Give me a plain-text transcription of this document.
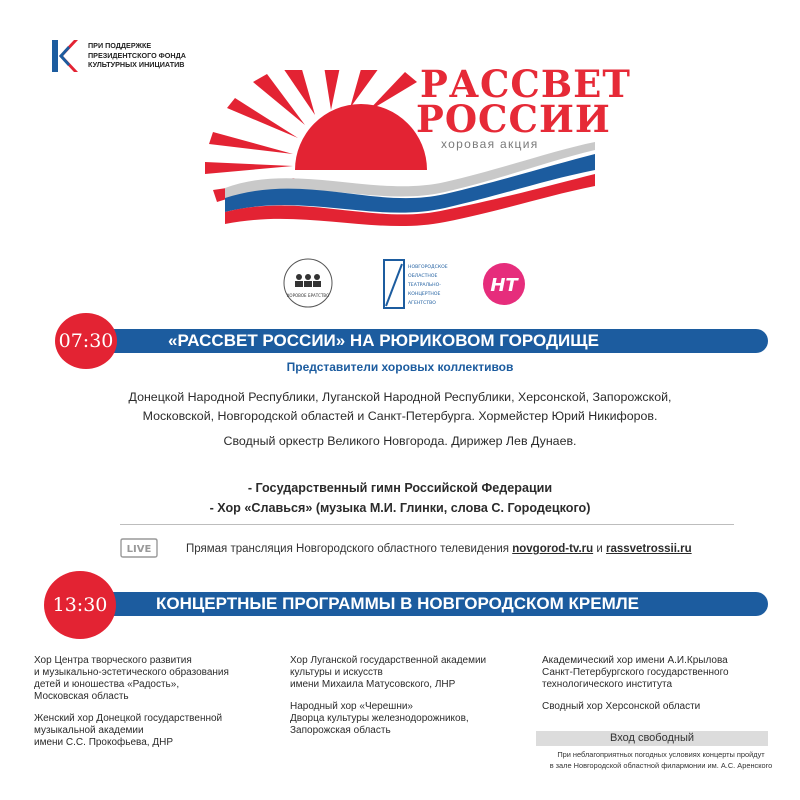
ПРИ ПОДДЕРЖКЕ
ПРЕЗИДЕНТСКОГО ФОНДА
КУЛЬТУРНЫХ ИНИЦИАТИВ	РАССВЕТ
РОССИИ
хоровая акция
ХОРОВОЕ БРАТСТВО
НОВГОРОДСКОЕ
ОБЛАСТНОЕ
ТЕАТРАЛЬНО-
КОНЦЕРТНОЕ
АГЕНТСТВО
НТ
«РАССВЕТ РОССИИ» НА РЮРИКОВОМ ГОРОДИЩЕ
07:30
Представители хоровых коллективов
Донецкой Народной Республики, Луганской Народной Республики, Херсонской, Запорожской,
Московской, Новгородской областей и Санкт-Петербурга. Хормейстер Юрий Никифоров.
Сводный оркестр Великого Новгорода. Дирижер Лев Дунаев.
- Государственный гимн Российской Федерации
- Хор «Славься» (музыка М.И. Глинки, слова С. Городецкого)
LIVE	Прямая трансляция Новгородского областного телевидения novgorod-tv.ru и rassvetrossii.ru
КОНЦЕРТНЫЕ ПРОГРАММЫ В НОВГОРОДСКОМ КРЕМЛЕ
13:30

Хор Центра творческого развития
и музыкально-эстетического образования
детей и юношества «Радость»,
Московская область

Женский хор Донецкой государственной
музыкальной академии
имени С.С. Прокофьева, ДНР

Хор Луганской государственной академии
культуры и искусств
имени Михаила Матусовского, ЛНР

Народный хор «Черешни»
Дворца культуры железнодорожников,
Запорожская область

Академический хор имени А.И.Крылова
Санкт-Петербургского государственного
технологического института

Сводный хор Херсонской области

Вход свободный
При неблагоприятных погодных условиях концерты пройдут
в зале Новгородской областной филармонии им. А.С. Аренского
